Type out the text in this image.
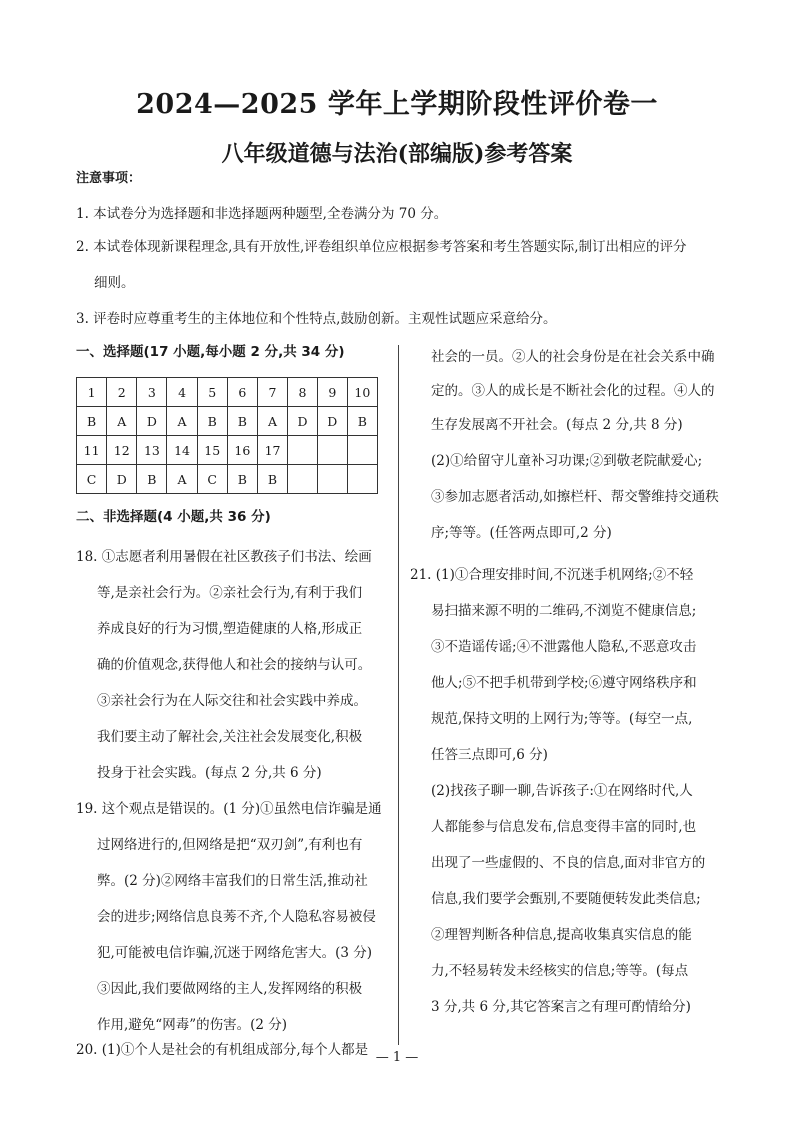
2024—2025 学年上学期阶段性评价卷一
八年级道德与法治(部编版)参考答案
注意事项：
1. 本试卷分为选择题和非选择题两种题型,全卷满分为 70 分。
2. 本试卷体现新课程理念,具有开放性,评卷组织单位应根据参考答案和考生答题实际,制订出相应的评分
细则。
3. 评卷时应尊重考生的主体地位和个性特点,鼓励创新。主观性试题应采意给分。
一、选择题(17 小题,每小题 2 分,共 34 分)
1	2	3	4	5	6	7	8	9	10
B	A	D	A	B	B	A	D	D	B
11	12	13	14	15	16	17			
C	D	B	A	C	B	B			
二、非选择题(4 小题,共 36 分)
18. ①志愿者利用暑假在社区教孩子们书法、绘画
等,是亲社会行为。②亲社会行为,有利于我们
养成良好的行为习惯,塑造健康的人格,形成正
确的价值观念,获得他人和社会的接纳与认可。
③亲社会行为在人际交往和社会实践中养成。
我们要主动了解社会,关注社会发展变化,积极
投身于社会实践。(每点 2 分,共 6 分)
19. 这个观点是错误的。(1 分)①虽然电信诈骗是通
过网络进行的,但网络是把“双刃剑”,有利也有
弊。(2 分)②网络丰富我们的日常生活,推动社
会的进步;网络信息良莠不齐,个人隐私容易被侵
犯,可能被电信诈骗,沉迷于网络危害大。(3 分)
③因此,我们要做网络的主人,发挥网络的积极
作用,避免“网毒”的伤害。(2 分)
20. (1)①个人是社会的有机组成部分,每个人都是
社会的一员。②人的社会身份是在社会关系中确
定的。③人的成长是不断社会化的过程。④人的
生存发展离不开社会。(每点 2 分,共 8 分)
(2)①给留守儿童补习功课;②到敬老院献爱心;
③参加志愿者活动,如擦栏杆、帮交警维持交通秩
序;等等。(任答两点即可,2 分)
21. (1)①合理安排时间,不沉迷手机网络;②不轻
易扫描来源不明的二维码,不浏览不健康信息;
③不造谣传谣;④不泄露他人隐私,不恶意攻击
他人;⑤不把手机带到学校;⑥遵守网络秩序和
规范,保持文明的上网行为;等等。(每空一点,
任答三点即可,6 分)
(2)找孩子聊一聊,告诉孩子:①在网络时代,人
人都能参与信息发布,信息变得丰富的同时,也
出现了一些虚假的、不良的信息,面对非官方的
信息,我们要学会甄别,不要随便转发此类信息;
②理智判断各种信息,提高收集真实信息的能
力,不轻易转发未经核实的信息;等等。(每点
3 分,共 6 分,其它答案言之有理可酌情给分)
— 1 —
